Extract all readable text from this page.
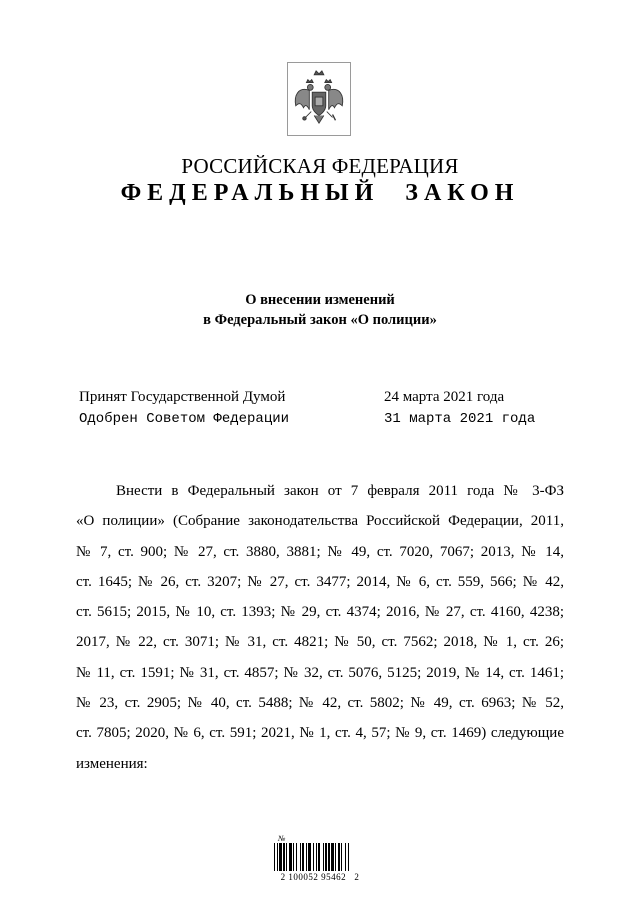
РОССИЙСКАЯ ФЕДЕРАЦИЯ
ФЕДЕРАЛЬНЫЙ ЗАКОН
О внесении изменений
в Федеральный закон «О полиции»
Принят Государственной Думой	24 марта 2021 года
Одобрен Советом Федерации	31 марта 2021 года
Внести в Федеральный закон от 7 февраля 2011 года № 3-ФЗ
«О полиции» (Собрание законодательства Российской Федерации, 2011,
№ 7, ст. 900; № 27, ст. 3880, 3881; № 49, ст. 7020, 7067; 2013, № 14,
ст. 1645; № 26, ст. 3207; № 27, ст. 3477; 2014, № 6, ст. 559, 566; № 42,
ст. 5615; 2015, № 10, ст. 1393; № 29, ст. 4374; 2016, № 27, ст. 4160, 4238;
2017, № 22, ст. 3071; № 31, ст. 4821; № 50, ст. 7562; 2018, № 1, ст. 26;
№ 11, ст. 1591; № 31, ст. 4857; № 32, ст. 5076, 5125; 2019, № 14, ст. 1461;
№ 23, ст. 2905; № 40, ст. 5488; № 42, ст. 5802; № 49, ст. 6963; № 52,
ст. 7805; 2020, № 6, ст. 591; 2021, № 1, ст. 4, 57; № 9, ст. 1469) следующие
изменения:
№
2 100052 95462   2
